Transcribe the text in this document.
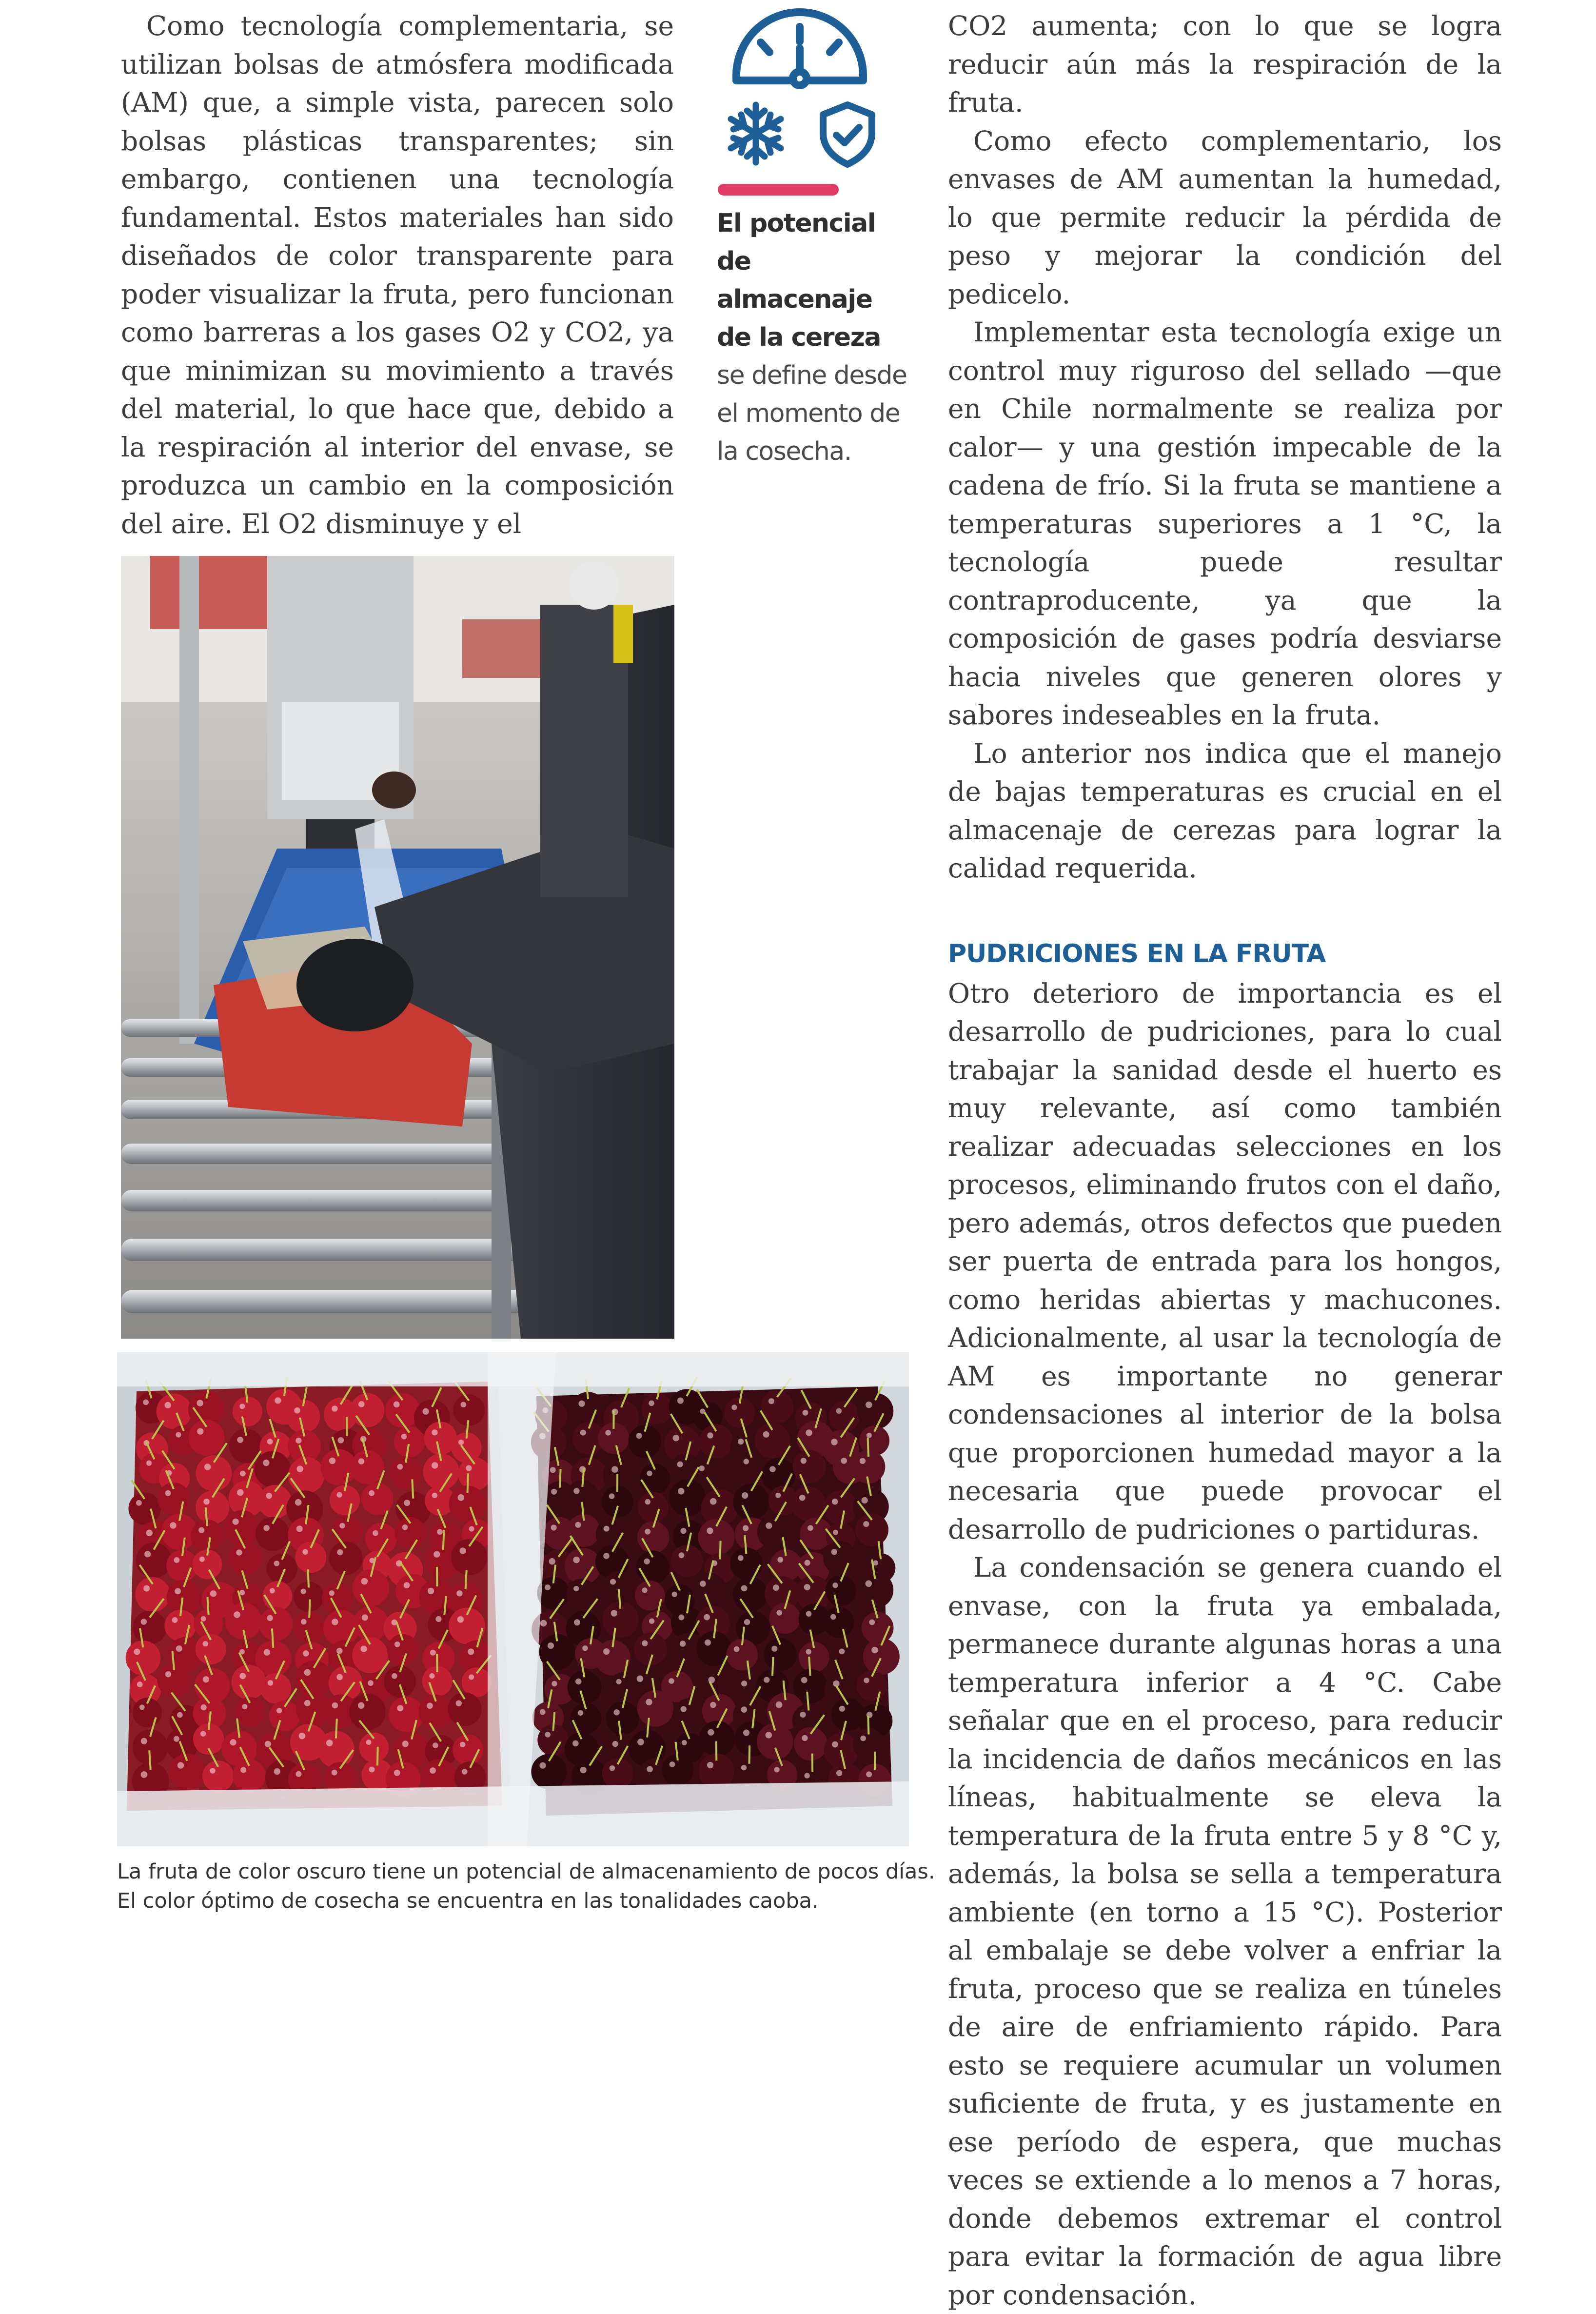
Como tecnología complementaria, se utilizan bolsas de atmósfera modificada (AM) que, a simple vista, parecen solo bolsas plásticas transparentes; sin embargo, contienen una tecnología fundamental. Estos materiales han sido diseñados de color transparente para poder visualizar la fruta, pero funcionan como barreras a los gases O2 y CO2, ya que minimizan su movimiento a través del material, lo que hace que, debido a la respiración al interior del envase, se produzca un cambio en la composición del aire. El O2 disminuye y el

El potencial de almacenaje de la cereza se define desde el momento de la cosecha.

CO2 aumenta; con lo que se logra reducir aún más la respiración de la fruta.

Como efecto complementario, los envases de AM aumentan la humedad, lo que permite reducir la pérdida de peso y mejorar la condición del pedicelo.

Implementar esta tecnología exige un control muy riguroso del sellado —que en Chile normalmente se realiza por calor— y una gestión impecable de la cadena de frío. Si la fruta se mantiene a temperaturas superiores a 1 °C, la tecnología puede resultar contraproducente, ya que la composición de gases podría desviarse hacia niveles que generen olores y sabores indeseables en la fruta.

Lo anterior nos indica que el manejo de bajas temperaturas es crucial en el almacenaje de cerezas para lograr la calidad requerida.

PUDRICIONES EN LA FRUTA

Otro deterioro de importancia es el desarrollo de pudriciones, para lo cual trabajar la sanidad desde el huerto es muy relevante, así como también realizar adecuadas selecciones en los procesos, eliminando frutos con el daño, pero además, otros defectos que pueden ser puerta de entrada para los hongos, como heridas abiertas y machucones. Adicionalmente, al usar la tecnología de AM es importante no generar condensaciones al interior de la bolsa que proporcionen humedad mayor a la necesaria que puede provocar el desarrollo de pudriciones o partiduras.

La condensación se genera cuando el envase, con la fruta ya embalada, permanece durante algunas horas a una temperatura inferior a 4 °C. Cabe señalar que en el proceso, para reducir la incidencia de daños mecánicos en las líneas, habitualmente se eleva la temperatura de la fruta entre 5 y 8 °C y, además, la bolsa se sella a temperatura ambiente (en torno a 15 °C). Posterior al embalaje se debe volver a enfriar la fruta, proceso que se realiza en túneles de aire de enfriamiento rápido. Para esto se requiere acumular un volumen suficiente de fruta, y es justamente en ese período de espera, que muchas veces se extiende a lo menos a 7 horas, donde debemos extremar el control para evitar la formación de agua libre por condensación.

La fruta de color oscuro tiene un potencial de almacenamiento de pocos días.
El color óptimo de cosecha se encuentra en las tonalidades caoba.
